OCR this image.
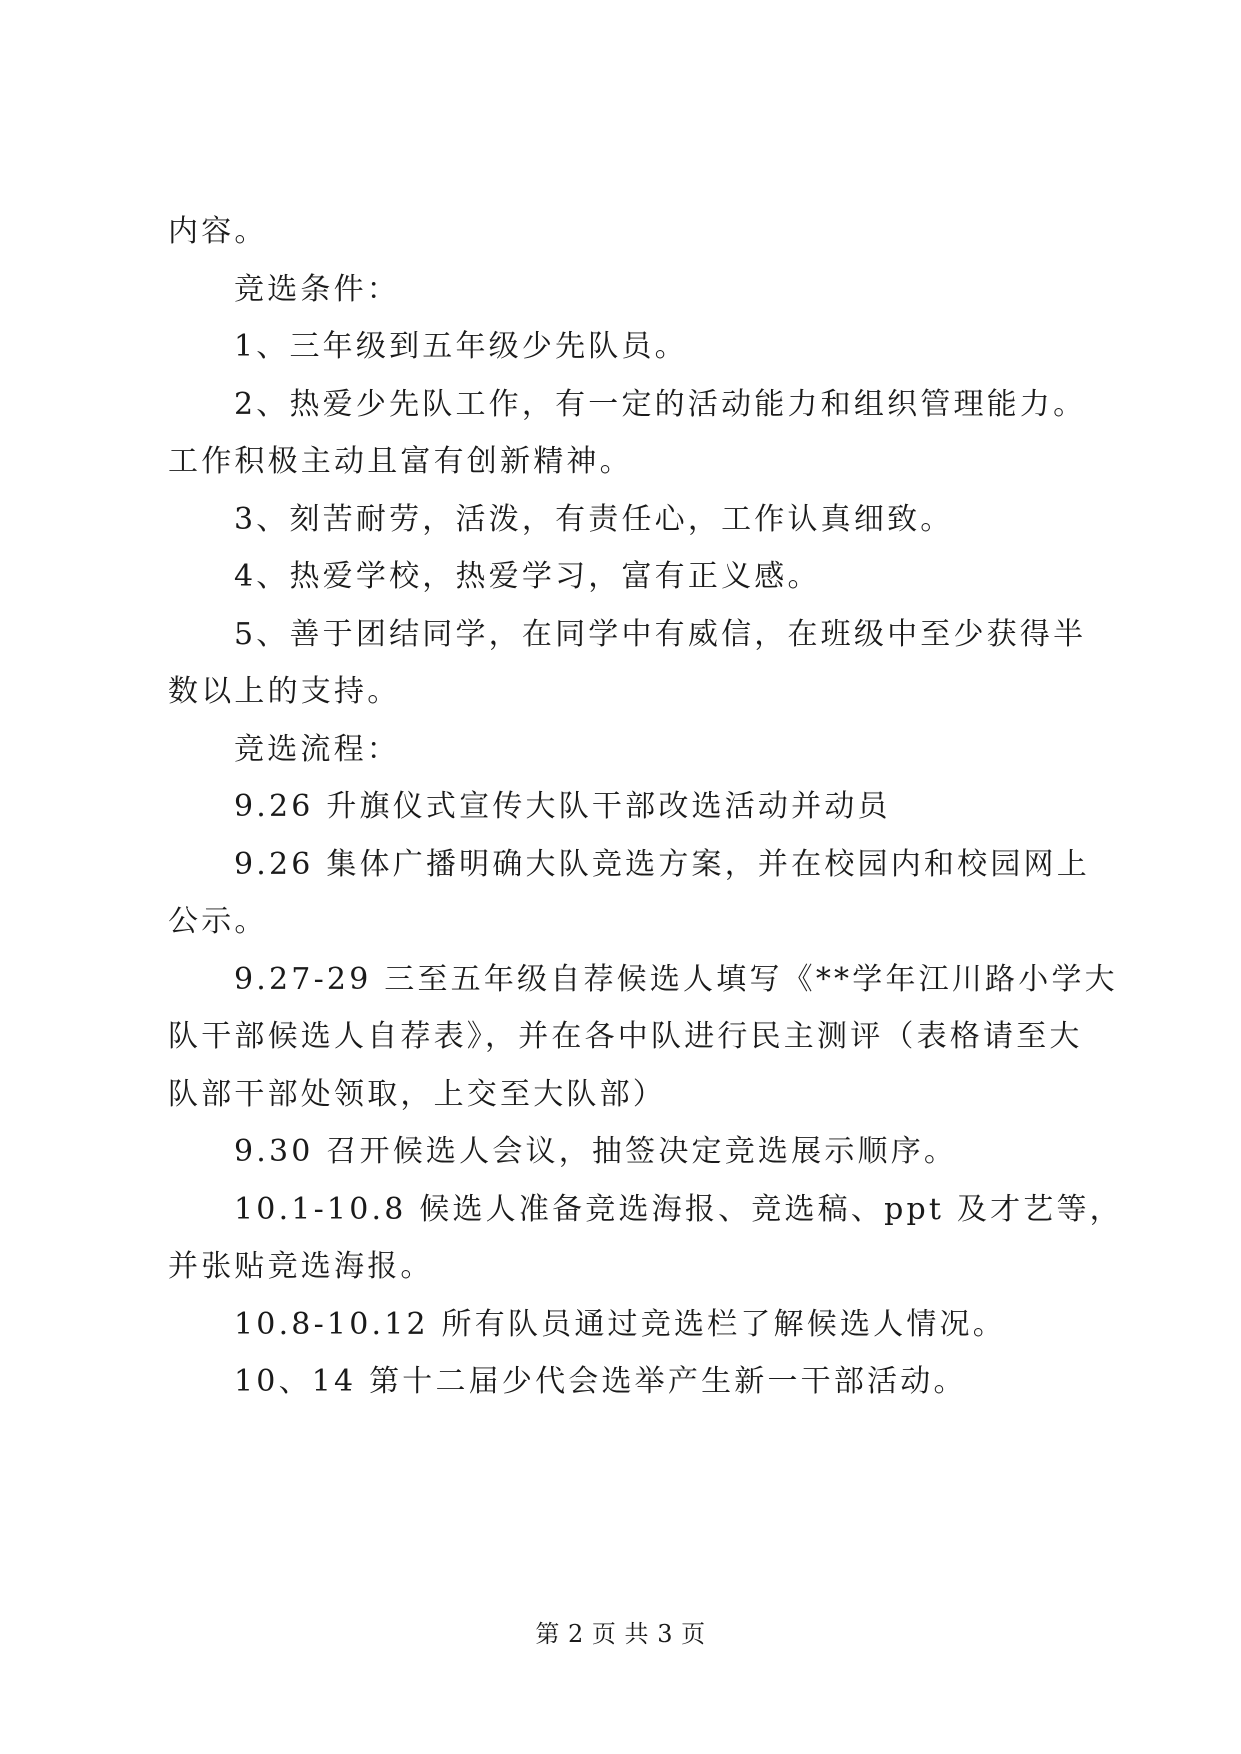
内容。
竞选条件：
1、三年级到五年级少先队员。
2、热爱少先队工作，有一定的活动能力和组织管理能力。
工作积极主动且富有创新精神。
3、刻苦耐劳，活泼，有责任心，工作认真细致。
4、热爱学校，热爱学习，富有正义感。
5、善于团结同学，在同学中有威信，在班级中至少获得半
数以上的支持。
竞选流程：
9.26 升旗仪式宣传大队干部改选活动并动员
9.26 集体广播明确大队竞选方案，并在校园内和校园网上
公示。
9.27-29 三至五年级自荐候选人填写《**学年江川路小学大
队干部候选人自荐表》，并在各中队进行民主测评（表格请至大
队部干部处领取，上交至大队部）
9.30 召开候选人会议，抽签决定竞选展示顺序。
10.1-10.8 候选人准备竞选海报、竞选稿、ppt 及才艺等，
并张贴竞选海报。
10.8-10.12 所有队员通过竞选栏了解候选人情况。
10、14 第十二届少代会选举产生新一干部活动。
第 2 页 共 3 页
